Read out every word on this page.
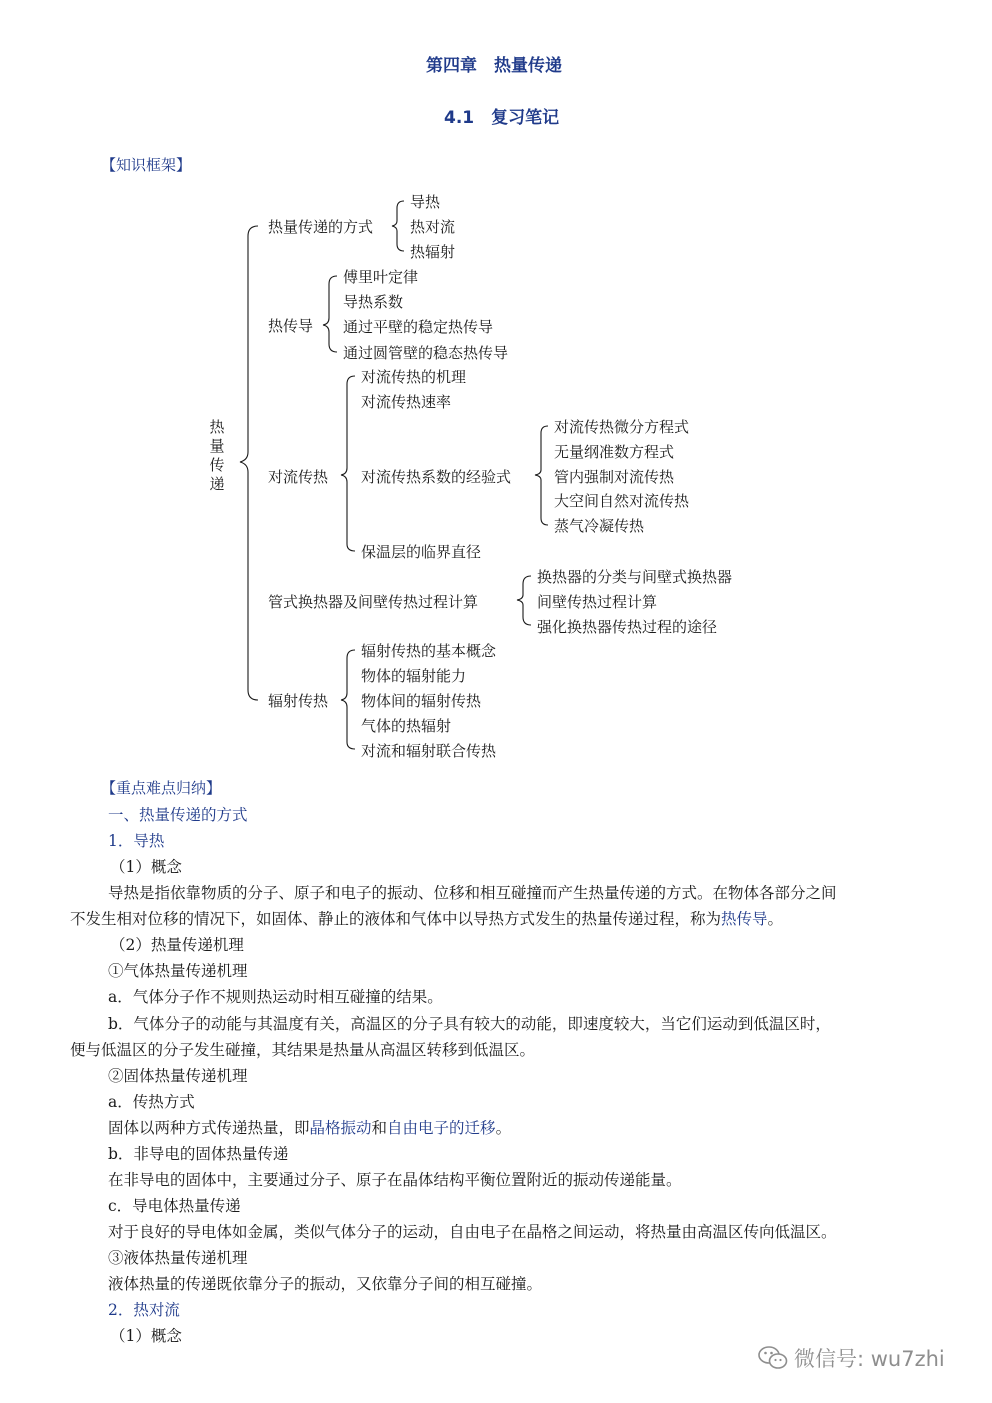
第四章　热量传递
4.1　复习笔记
【知识框架】
热量传递
热量传递的方式
导热
热对流
热辐射
热传导
傅里叶定律
导热系数
通过平壁的稳定热传导
通过圆管壁的稳态热传导
对流传热
对流传热的机理
对流传热速率
对流传热系数的经验式
对流传热微分方程式
无量纲准数方程式
管内强制对流传热
大空间自然对流传热
蒸气冷凝传热
保温层的临界直径
管式换热器及间壁传热过程计算
换热器的分类与间壁式换热器
间壁传热过程计算
强化换热器传热过程的途径
辐射传热
辐射传热的基本概念
物体的辐射能力
物体间的辐射传热
气体的热辐射
对流和辐射联合传热
【重点难点归纳】
一、热量传递的方式
1．导热
（1）概念
导热是指依靠物质的分子、原子和电子的振动、位移和相互碰撞而产生热量传递的方式。在物体各部分之间
不发生相对位移的情况下，如固体、静止的液体和气体中以导热方式发生的热量传递过程，称为热传导。
（2）热量传递机理
①气体热量传递机理
a．气体分子作不规则热运动时相互碰撞的结果。
b．气体分子的动能与其温度有关，高温区的分子具有较大的动能，即速度较大，当它们运动到低温区时，
便与低温区的分子发生碰撞，其结果是热量从高温区转移到低温区。
②固体热量传递机理
a．传热方式
固体以两种方式传递热量，即晶格振动和自由电子的迁移。
b．非导电的固体热量传递
在非导电的固体中，主要通过分子、原子在晶体结构平衡位置附近的振动传递能量。
c．导电体热量传递
对于良好的导电体如金属，类似气体分子的运动，自由电子在晶格之间运动，将热量由高温区传向低温区。
③液体热量传递机理
液体热量的传递既依靠分子的振动，又依靠分子间的相互碰撞。
2．热对流
（1）概念
微信号: wu7zhi
